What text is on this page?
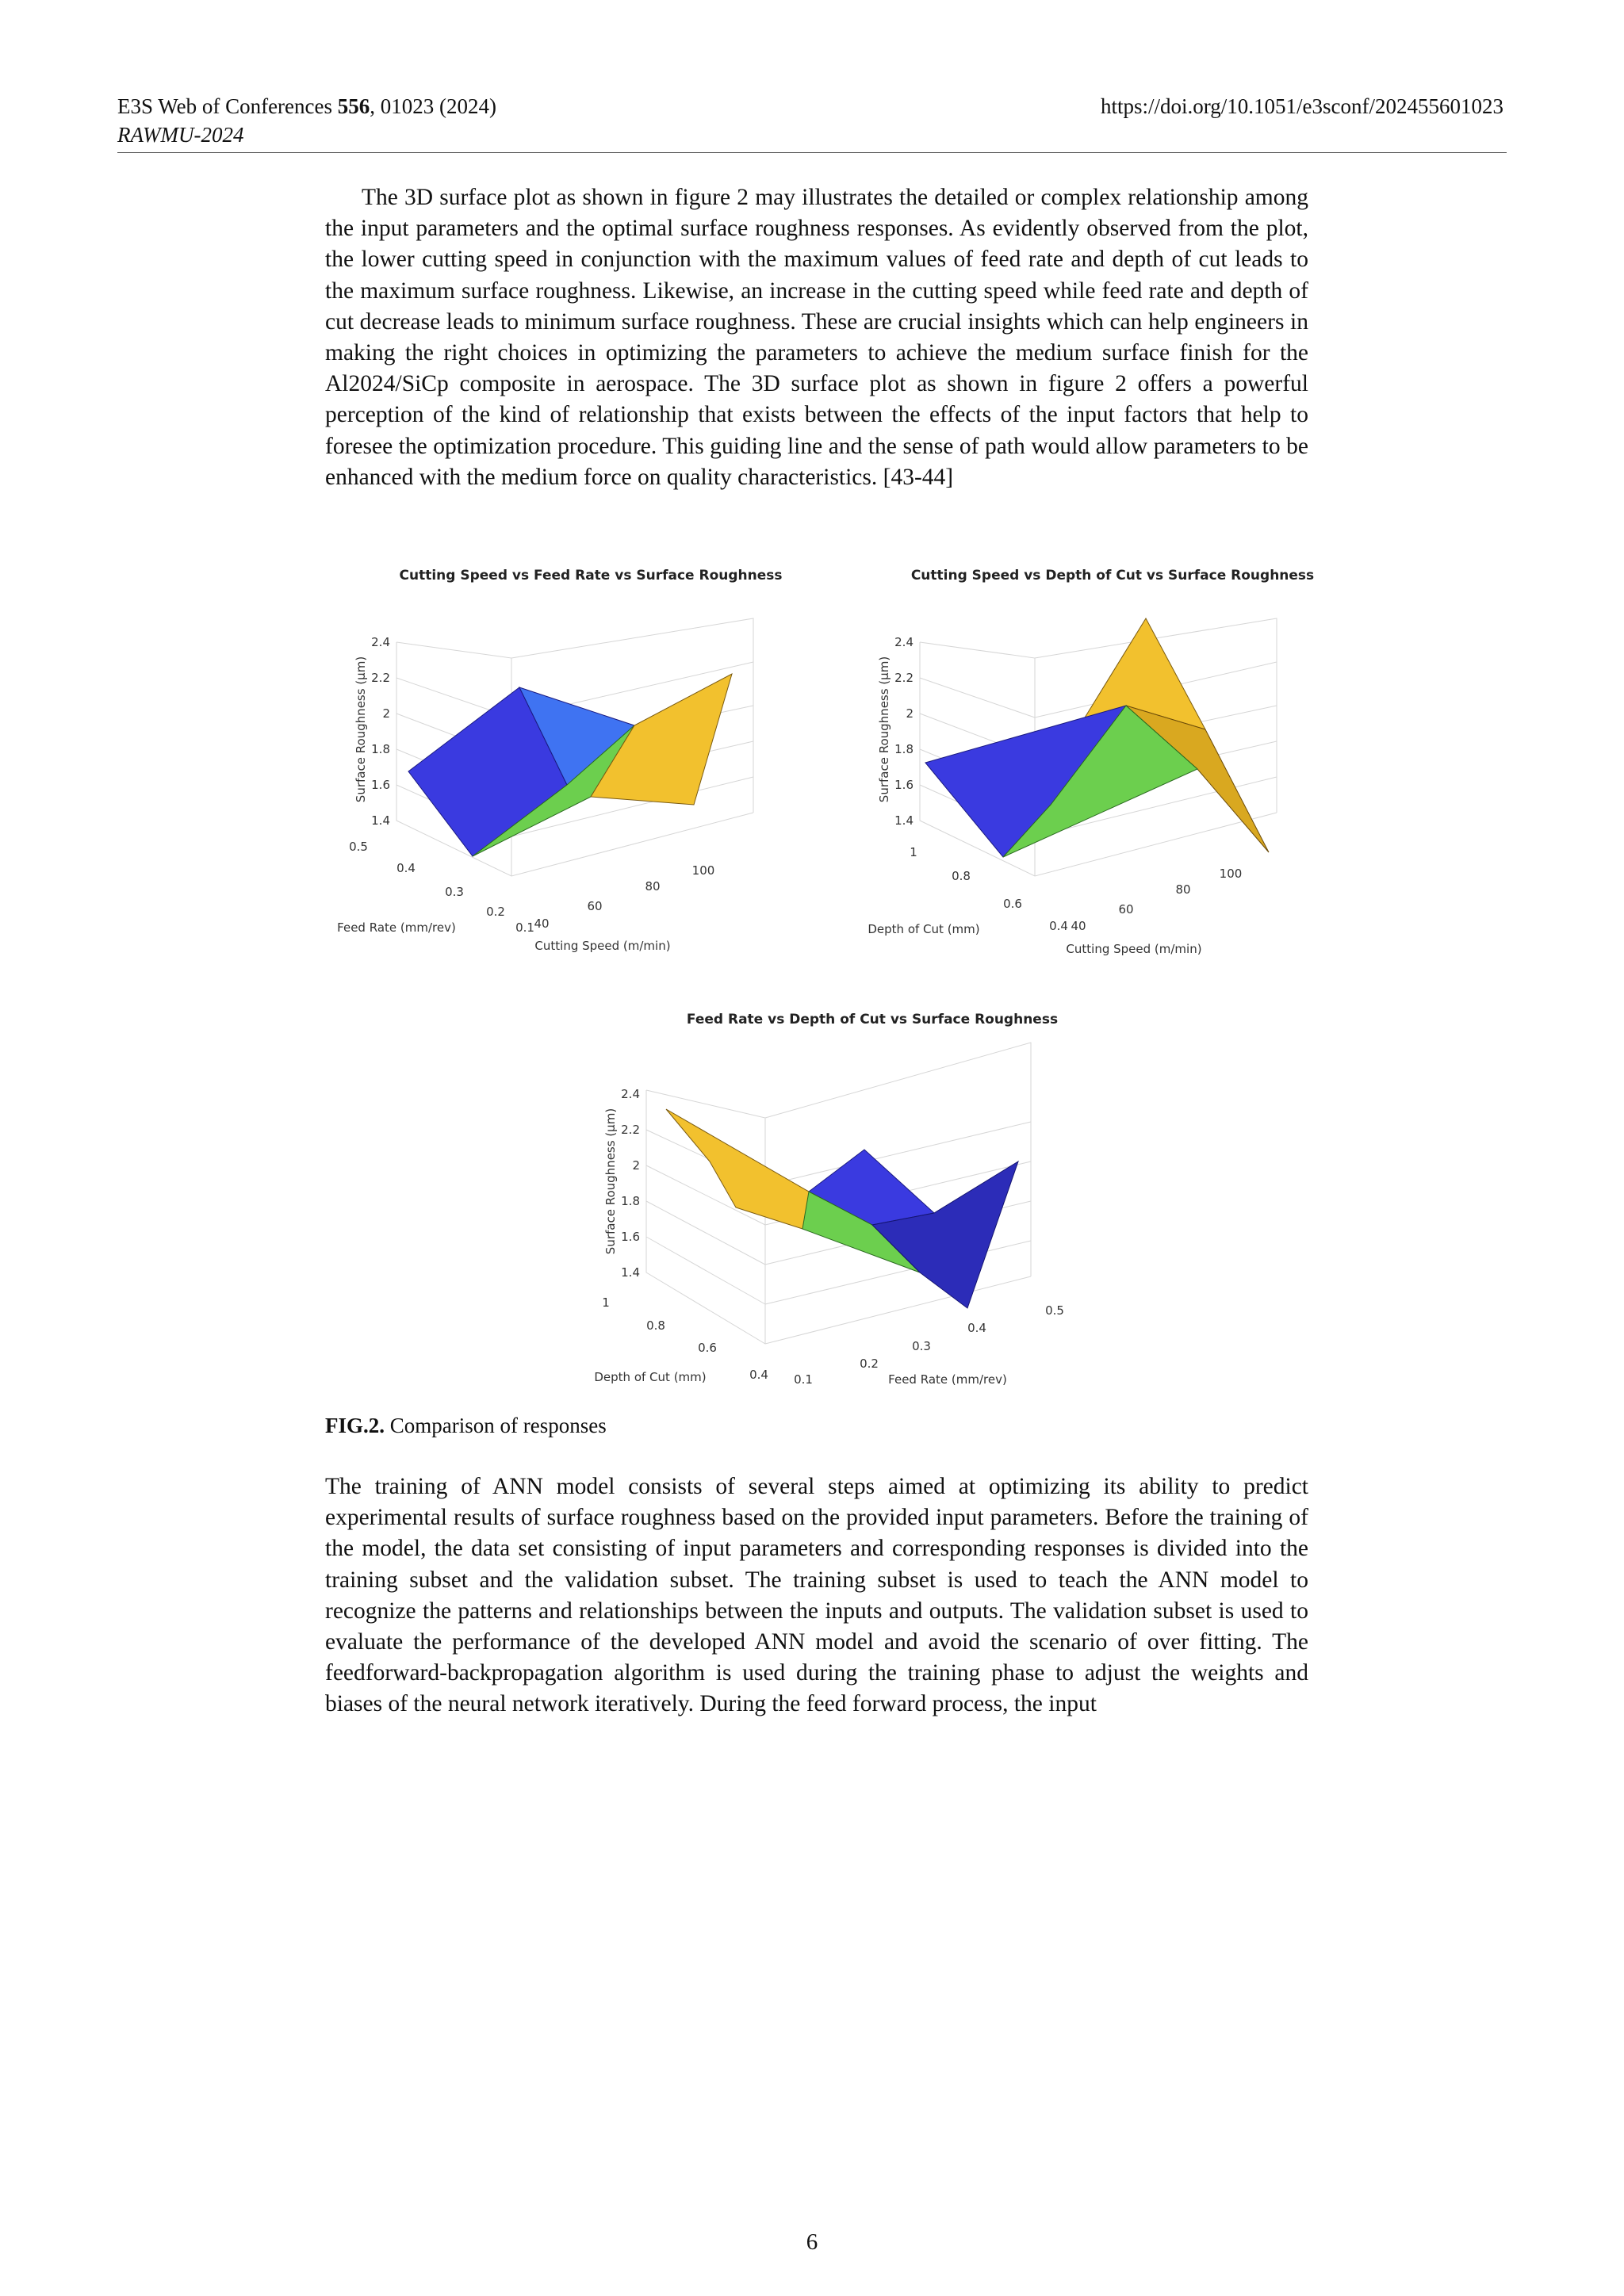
E3S Web of Conferences 556, 01023 (2024)
RAWMU-2024
https://doi.org/10.1051/e3sconf/202455601023

The 3D surface plot as shown in figure 2 may illustrates the detailed or complex relationship among the input parameters and the optimal surface roughness responses. As evidently observed from the plot, the lower cutting speed in conjunction with the maximum values of feed rate and depth of cut leads to the maximum surface roughness. Likewise, an increase in the cutting speed while feed rate and depth of cut decrease leads to minimum surface roughness. These are crucial insights which can help engineers in making the right choices in optimizing the parameters to achieve the medium surface finish for the Al2024/SiCp composite in aerospace. The 3D surface plot as shown in figure 2 offers a powerful perception of the kind of relationship that exists between the effects of the input factors that help to foresee the optimization procedure. This guiding line and the sense of path would allow parameters to be enhanced with the medium force on quality characteristics. [43-44]

Cutting Speed vs Feed Rate vs Surface Roughness
1.4
1.6
1.8
2
2.2
2.4
Surface Roughness (μm)
0.1
0.2
0.3
0.4
0.5
Feed Rate (mm/rev)	40
60
80
100
Cutting Speed (m/min)
Cutting Speed vs Depth of Cut vs Surface Roughness
1.4
1.6
1.8
2
2.2
2.4
Surface Roughness (μm)
0.4
0.6
0.8
1
Depth of Cut (mm)	40
60
80
100
Cutting Speed (m/min)
Feed Rate vs Depth of Cut vs Surface Roughness
1.4
1.6
1.8
2
2.2
2.4
Surface Roughness (μm)
0.4
0.6
0.8
1
Depth of Cut (mm)	0.1
0.2
0.3
0.4
0.5
Feed Rate (mm/rev)
FIG.2. Comparison of responses

The training of ANN model consists of several steps aimed at optimizing its ability to predict experimental results of surface roughness based on the provided input parameters. Before the training of the model, the data set consisting of input parameters and corresponding responses is divided into the training subset and the validation subset. The training subset is used to teach the ANN model to recognize the patterns and relationships between the inputs and outputs. The validation subset is used to evaluate the performance of the developed ANN model and avoid the scenario of over fitting. The feedforward-backpropagation algorithm is used during the training phase to adjust the weights and biases of the neural network iteratively. During the feed forward process, the input

6
